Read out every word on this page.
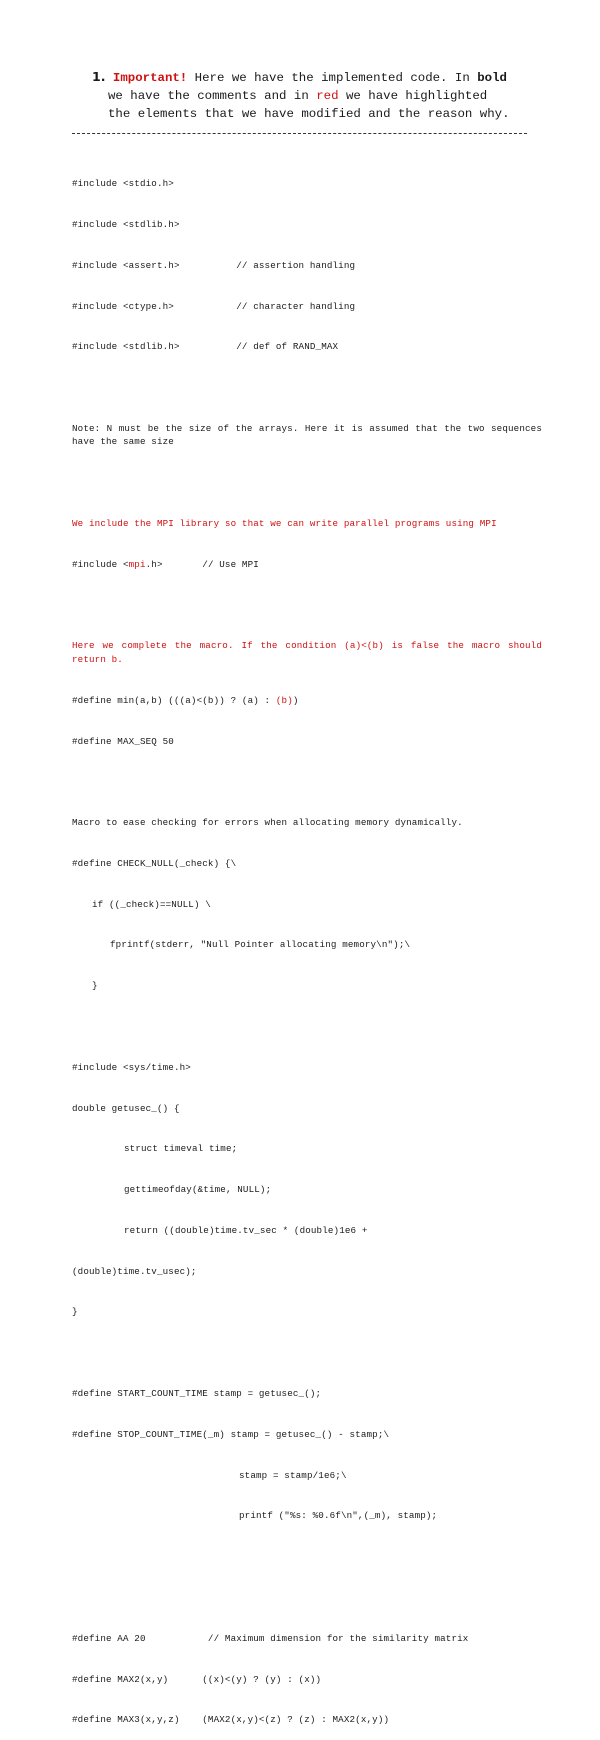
1. Important! Here we have the implemented code. In bold
we have the comments and in red we have highlighted
the elements that we have modified and the reason why.

#include <stdio.h>

#include <stdlib.h>

#include <assert.h>          // assertion handling

#include <ctype.h>           // character handling

#include <stdlib.h>          // def of RAND_MAX

Note: N must be the size of the arrays. Here it is assumed that the two sequences have the same size

We include the MPI library so that we can write parallel programs using MPI

#include <mpi.h>       // Use MPI

Here we complete the macro. If the condition (a)<(b) is false the macro should return b.

#define min(a,b) (((a)<(b)) ? (a) : (b))

#define MAX_SEQ 50

Macro to ease checking for errors when allocating memory dynamically.

#define CHECK_NULL(_check) {\

if ((_check)==NULL) \

fprintf(stderr, "Null Pointer allocating memory\n");\

}

#include <sys/time.h>

double getusec_() {

struct timeval time;

gettimeofday(&time, NULL);

return ((double)time.tv_sec * (double)1e6 +

(double)time.tv_usec);

}

#define START_COUNT_TIME stamp = getusec_();

#define STOP_COUNT_TIME(_m) stamp = getusec_() - stamp;\

stamp = stamp/1e6;\

printf ("%s: %0.6f\n",(_m), stamp);

#define AA 20           // Maximum dimension for the similarity matrix

#define MAX2(x,y)      ((x)<(y) ? (y) : (x))

#define MAX3(x,y,z)    (MAX2(x,y)<(z) ? (z) : MAX2(x,y))
